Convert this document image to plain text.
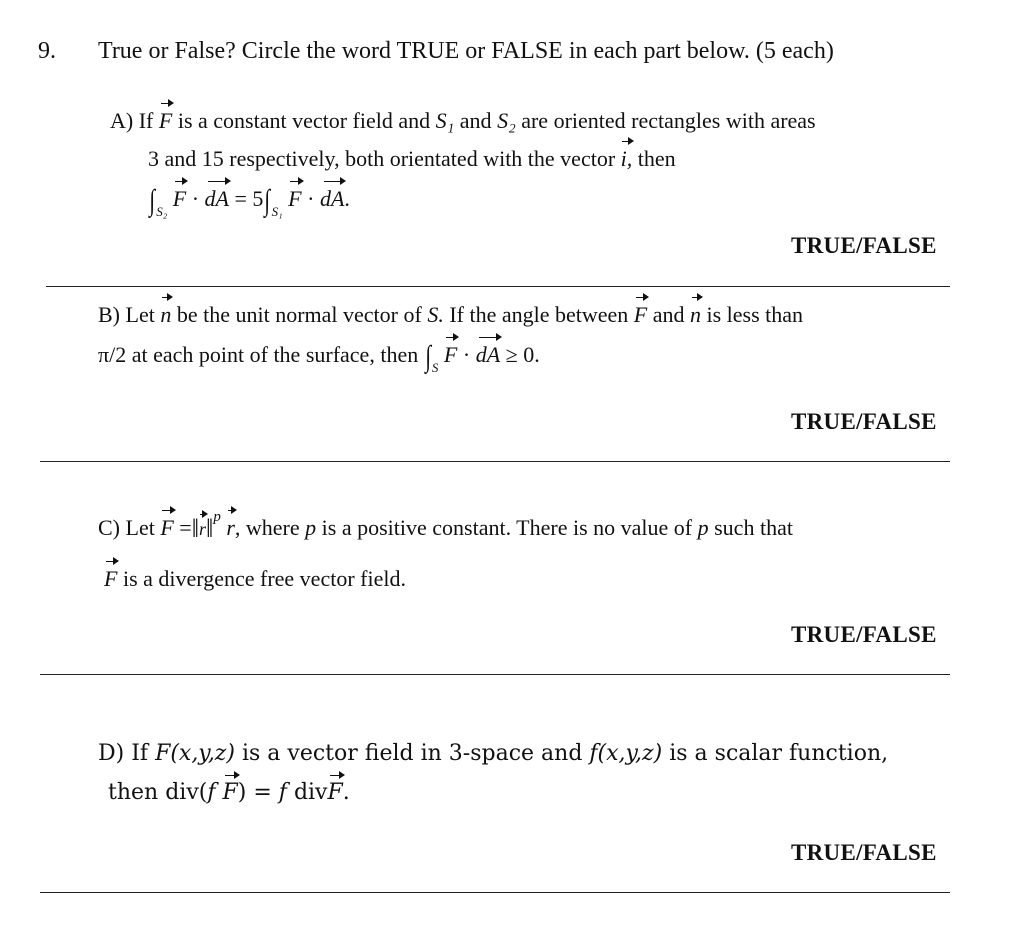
9. True or False? Circle the word TRUE or FALSE in each part below. (5 each)
A) If F is a constant vector field and S₁ and S₂ are oriented rectangles with areas
3 and 15 respectively, both orientated with the vector i, then
$\int_{S_2}$ F · dA = $5\int_{S_1}$ F · dA.
TRUE/FALSE
B) Let n be the unit normal vector of S. If the angle between F and n is less than
π/2 at each point of the surface, then $\int_S$ F · dA ≥ 0.
TRUE/FALSE
C) Let F =‖r‖$^p$ r, where p is a positive constant. There is no value of p such that
F is a divergence free vector field.
TRUE/FALSE
D) If F(x,y,z) is a vector field in 3-space and f(x,y,z) is a scalar function,
then div(f F) = f divF.
TRUE/FALSE
